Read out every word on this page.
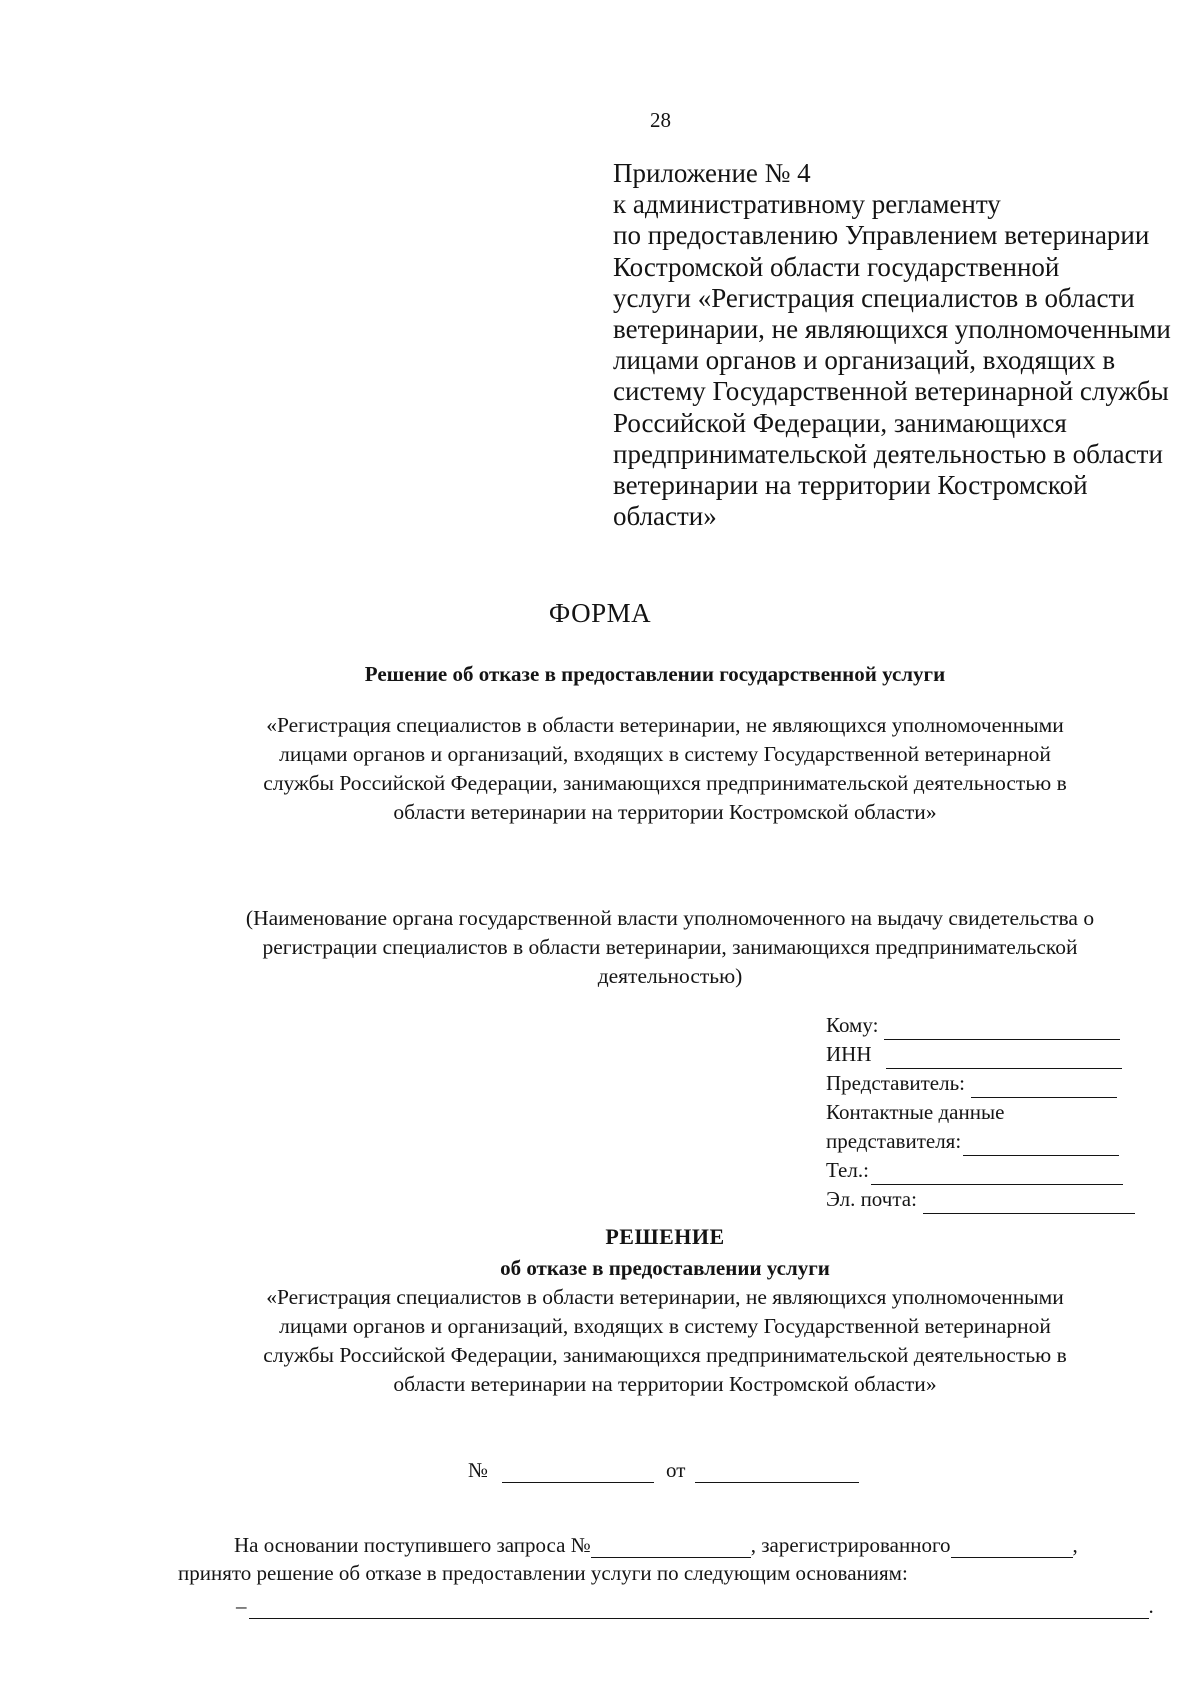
28
Приложение № 4
к административному регламенту
по предоставлению Управлением ветеринарии
Костромской области государственной
услуги «Регистрация специалистов в области
ветеринарии, не являющихся уполномоченными
лицами органов и организаций, входящих в
систему Государственной ветеринарной службы
Российской Федерации, занимающихся
предпринимательской деятельностью в области
ветеринарии на территории Костромской
области»
ФОРМА
Решение об отказе в предоставлении государственной услуги
«Регистрация специалистов в области ветеринарии, не являющихся уполномоченными
лицами органов и организаций, входящих в систему Государственной ветеринарной
службы Российской Федерации, занимающихся предпринимательской деятельностью в
области ветеринарии на территории Костромской области»
(Наименование органа государственной власти уполномоченного на выдачу свидетельства о
регистрации специалистов в области ветеринарии, занимающихся предпринимательской
деятельностью)
Кому:
ИНН
Представитель:
Контактные данные
представителя:
Тел.:
Эл. почта:
РЕШЕНИЕ
об отказе в предоставлении услуги
«Регистрация специалистов в области ветеринарии, не являющихся уполномоченными
лицами органов и организаций, входящих в систему Государственной ветеринарной
службы Российской Федерации, занимающихся предпринимательской деятельностью в
области ветеринарии на территории Костромской области»
№	от
На основании поступившего запроса №	, зарегистрированного	,
принято решение об отказе в предоставлении услуги по следующим основаниям:
–	.
